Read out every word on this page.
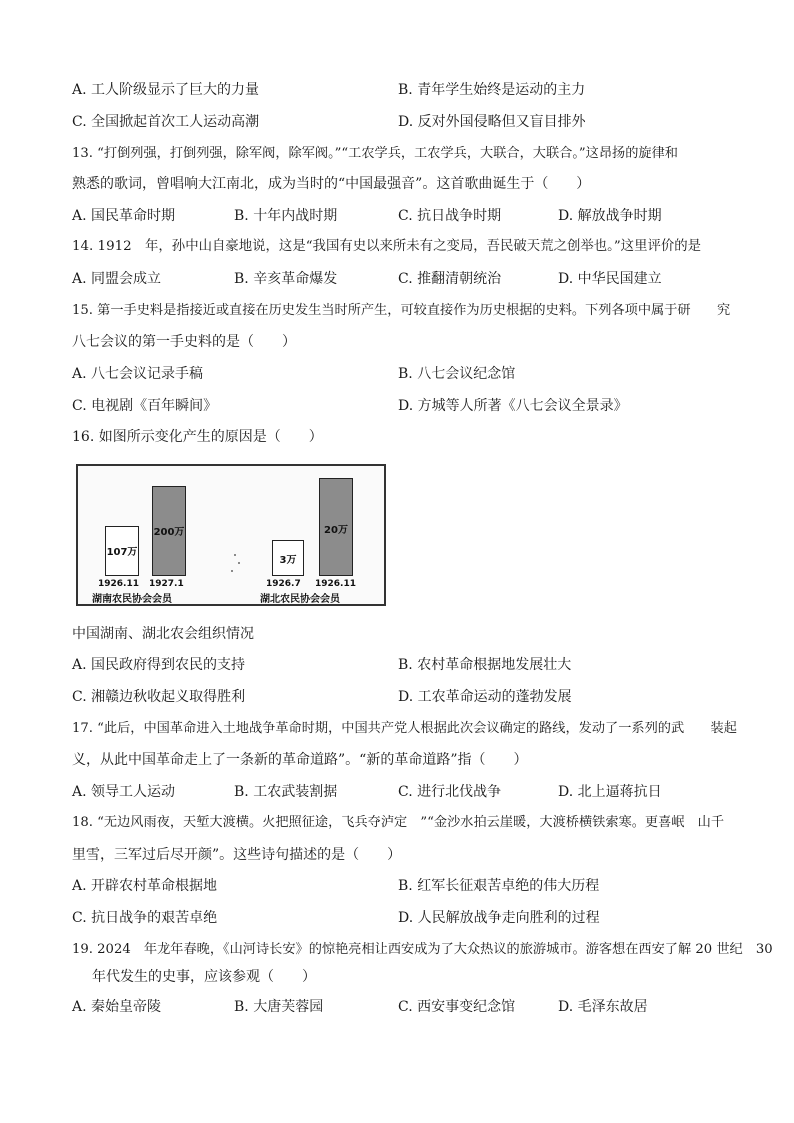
A. 工人阶级显示了巨大的力量	B. 青年学生始终是运动的主力
C. 全国掀起首次工人运动高潮	D. 反对外国侵略但又盲目排外
13. “打倒列强，打倒列强，除军阀，除军阀。”“工农学兵，工农学兵，大联合，大联合。”这昂扬的旋律和
熟悉的歌词，曾唱响大江南北，成为当时的“中国最强音”。这首歌曲诞生于（　　）
A. 国民革命时期	B. 十年内战时期	C. 抗日战争时期	D. 解放战争时期
14. 1912　年，孙中山自豪地说，这是“我国有史以来所未有之变局，吾民破天荒之创举也。”这里评价的是
A. 同盟会成立	B. 辛亥革命爆发	C. 推翻清朝统治	D. 中华民国建立
15. 第一手史料是指接近或直接在历史发生当时所产生，可较直接作为历史根据的史料。下列各项中属于研　　究
八七会议的第一手史料的是（　　）
A. 八七会议记录手稿	B. 八七会议纪念馆
C. 电视剧《百年瞬间》	D. 方城等人所著《八七会议全景录》
16. 如图所示变化产生的原因是（　　）
107万
200万
1926.11 1927.1
湖南农民协会会员
3万
20万
1926.7 1926.11
湖北农民协会会员
中国湖南、湖北农会组织情况
A. 国民政府得到农民的支持	B. 农村革命根据地发展壮大
C. 湘赣边秋收起义取得胜利	D. 工农革命运动的蓬勃发展
17. “此后，中国革命进入土地战争革命时期，中国共产党人根据此次会议确定的路线，发动了一系列的武　　装起
义，从此中国革命走上了一条新的革命道路”。“新的革命道路”指（　　）
A. 领导工人运动	B. 工农武装割据	C. 进行北伐战争	D. 北上逼蒋抗日
18. “无边风雨夜，天堑大渡横。火把照征途，飞兵夺泸定　”“金沙水拍云崖暖，大渡桥横铁索寒。更喜岷　山千
里雪，三军过后尽开颜”。这些诗句描述的是（　　）
A. 开辟农村革命根据地	B. 红军长征艰苦卓绝的伟大历程
C. 抗日战争的艰苦卓绝	D. 人民解放战争走向胜利的过程
19. 2024　年龙年春晚，《山河诗长安》的惊艳亮相让西安成为了大众热议的旅游城市。游客想在西安了解 20 世纪　30
年代发生的史事，应该参观（　　）
A. 秦始皇帝陵	B. 大唐芙蓉园	C. 西安事变纪念馆	D. 毛泽东故居
